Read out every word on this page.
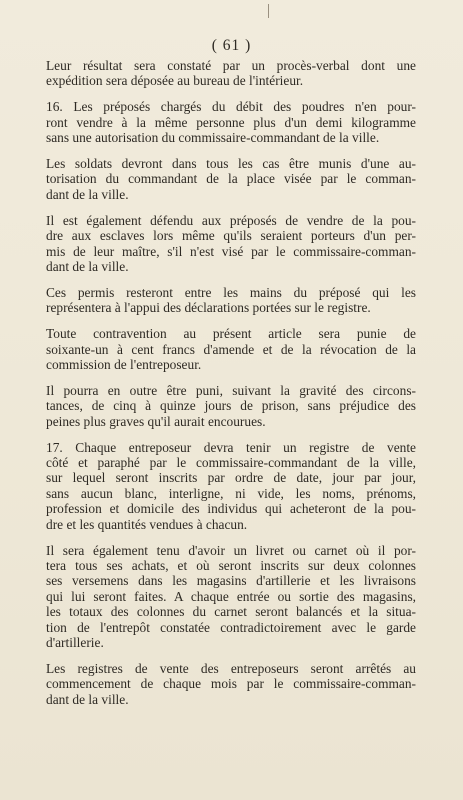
( 61 )
Leur résultat sera constaté par un procès-verbal dont une
expédition sera déposée au bureau de l'intérieur.
16. Les préposés chargés du débit des poudres n'en pour-
ront vendre à la même personne plus d'un demi kilogramme
sans une autorisation du commissaire-commandant de la ville.
Les soldats devront dans tous les cas être munis d'une au-
torisation du commandant de la place visée par le comman-
dant de la ville.
Il est également défendu aux préposés de vendre de la pou-
dre aux esclaves lors même qu'ils seraient porteurs d'un per-
mis de leur maître, s'il n'est visé par le commissaire-comman-
dant de la ville.
Ces permis resteront entre les mains du préposé qui les
représentera à l'appui des déclarations portées sur le registre.
Toute contravention au présent article sera punie de
soixante-un à cent francs d'amende et de la révocation de la
commission de l'entreposeur.
Il pourra en outre être puni, suivant la gravité des circons-
tances, de cinq à quinze jours de prison, sans préjudice des
peines plus graves qu'il aurait encourues.
17. Chaque entreposeur devra tenir un registre de vente
côté et paraphé par le commissaire-commandant de la ville,
sur lequel seront inscrits par ordre de date, jour par jour,
sans aucun blanc, interligne, ni vide, les noms, prénoms,
profession et domicile des individus qui acheteront de la pou-
dre et les quantités vendues à chacun.
Il sera également tenu d'avoir un livret ou carnet où il por-
tera tous ses achats, et où seront inscrits sur deux colonnes
ses versemens dans les magasins d'artillerie et les livraisons
qui lui seront faites. A chaque entrée ou sortie des magasins,
les totaux des colonnes du carnet seront balancés et la situa-
tion de l'entrepôt constatée contradictoirement avec le garde
d'artillerie.
Les registres de vente des entreposeurs seront arrêtés au
commencement de chaque mois par le commissaire-comman-
dant de la ville.
